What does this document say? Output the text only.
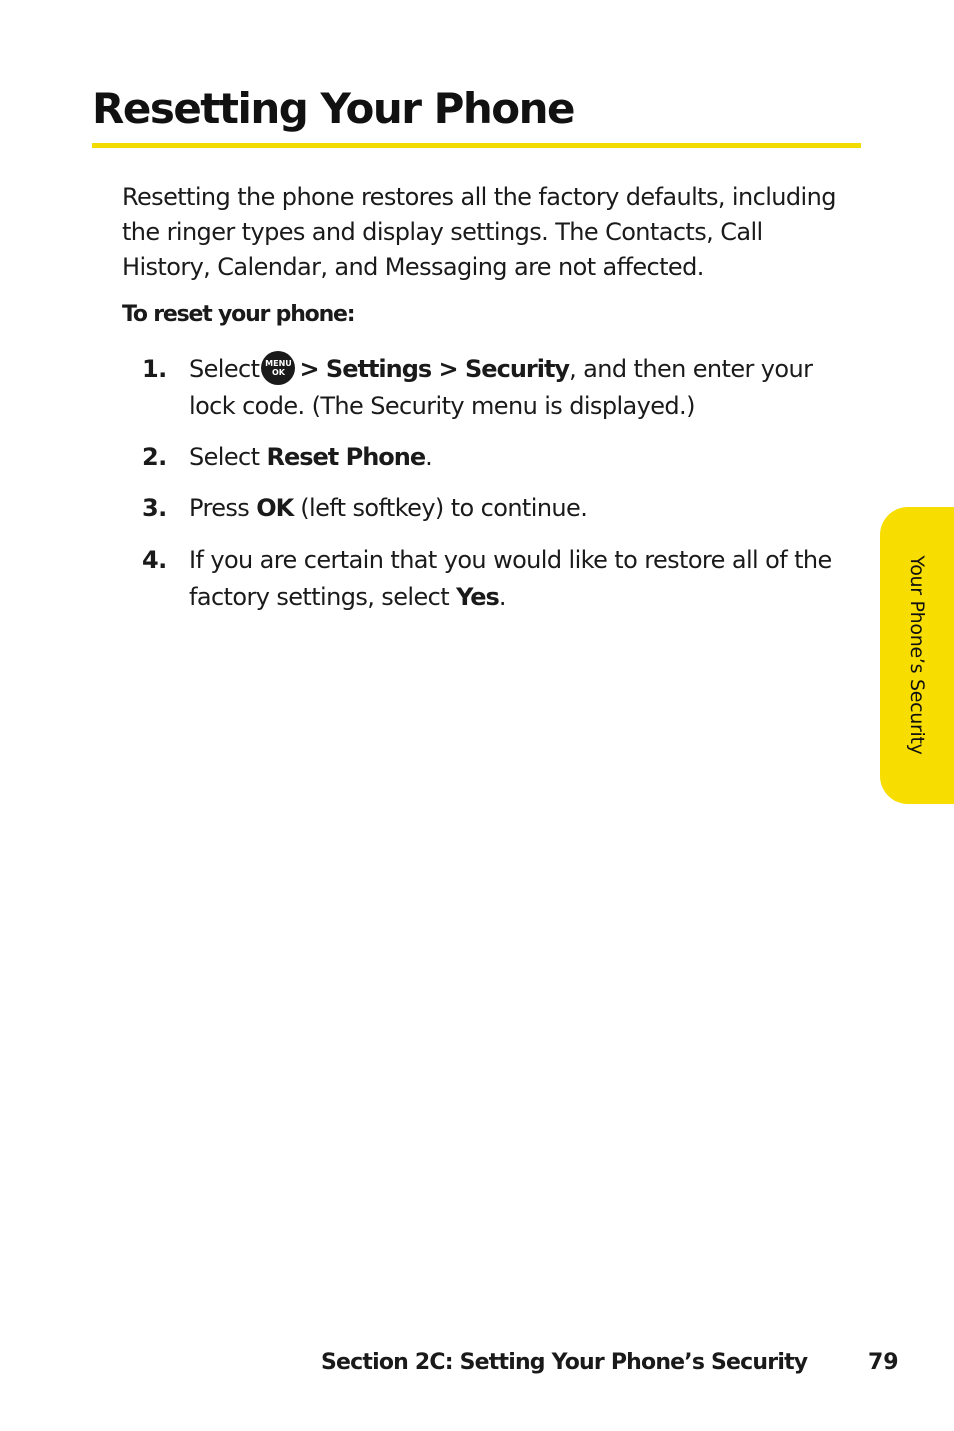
Resetting Your Phone

Resetting the phone restores all the factory defaults, including the ringer types and display settings. The Contacts, Call History, Calendar, and Messaging are not affected.

To reset your phone:

1. Select MENU
OK > Settings > Security, and then enter your lock code. (The Security menu is displayed.)
2. Select Reset Phone.
3. Press OK (left softkey) to continue.
4. If you are certain that you would like to restore all of the factory settings, select Yes.	Your Phone’s Security
Section 2C: Setting Your Phone’s Security	79
